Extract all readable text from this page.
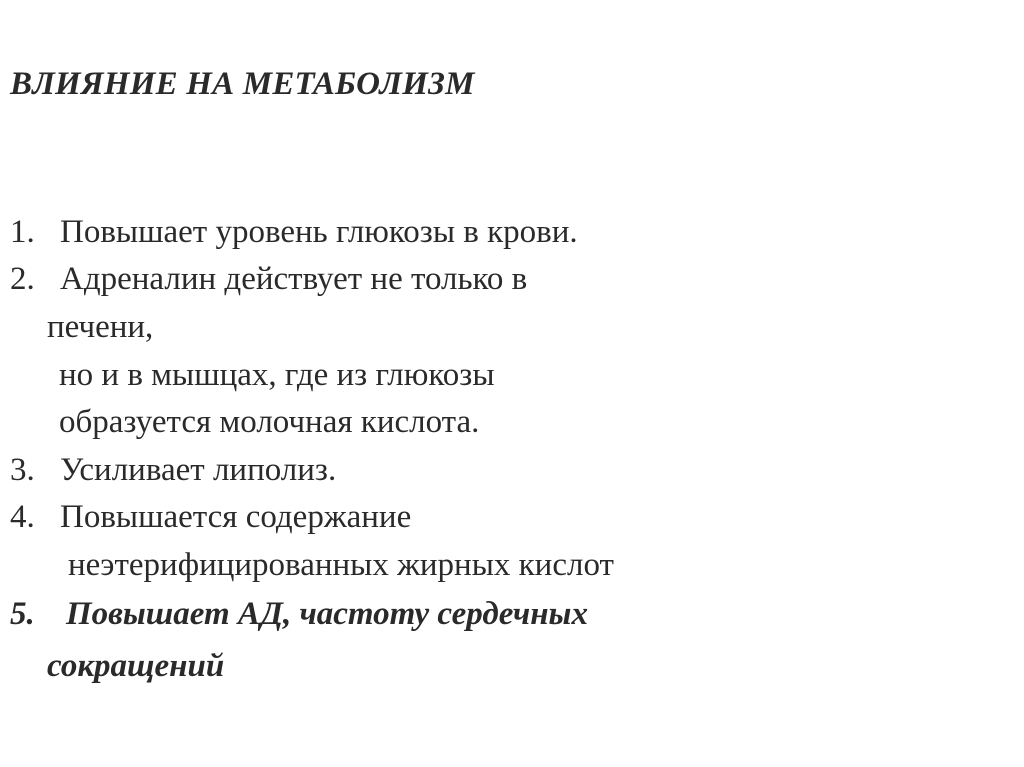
ВЛИЯНИЕ НА МЕТАБОЛИЗМ
1. Повышает уровень глюкозы в крови.
2. Адреналин действует не только в
печени,
но и в мышцах, где из глюкозы
образуется молочная кислота.
3. Усиливает липолиз.
4. Повышается содержание
неэтерифицированных жирных кислот
5. Повышает АД, частоту сердечных
сокращений
